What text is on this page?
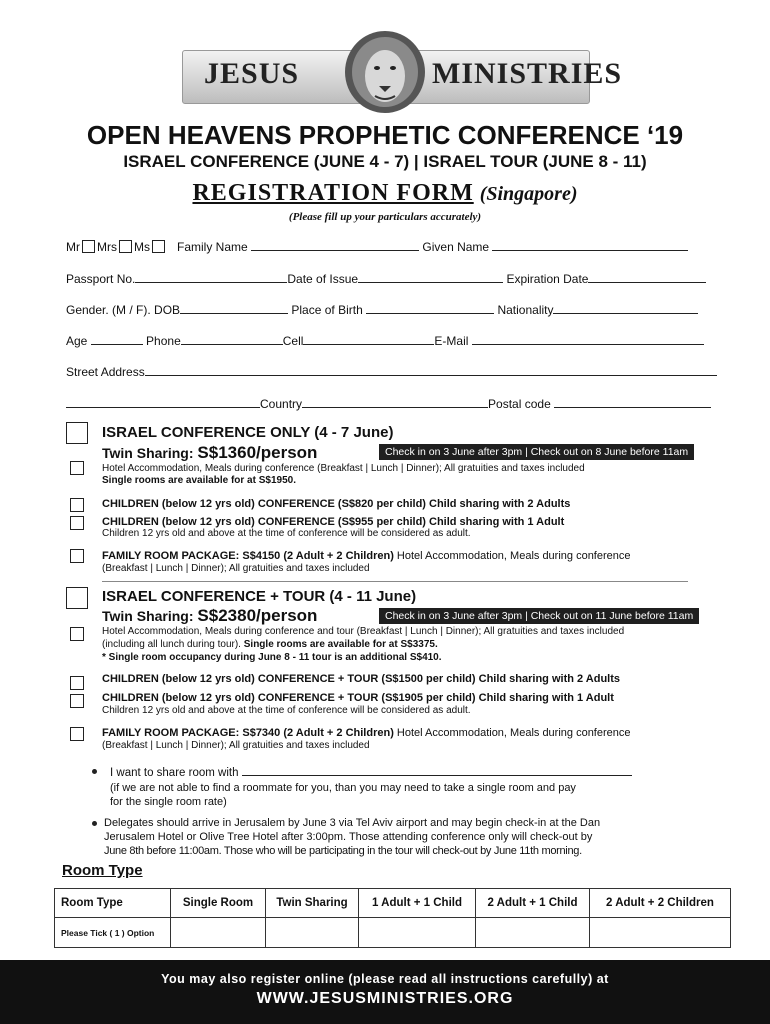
JESUS	MINISTRIES
OPEN HEAVENS PROPHETIC CONFERENCE ‘19
ISRAEL CONFERENCE (JUNE 4 - 7) | ISRAEL TOUR (JUNE 8 - 11)
REGISTRATION FORM (Singapore)
(Please fill up your particulars accurately)
Mr Mrs Ms Family Name	Given Name
Passport No.	Date of Issue	Expiration Date
Gender. (M / F). DOB	Place of Birth	Nationality
Age	Phone	Cell	E-Mail
Street Address
Country	Postal code
ISRAEL CONFERENCE ONLY (4 - 7 June)
Twin Sharing: S$1360/person	Check in on 3 June after 3pm | Check out on 8 June before 11am
Hotel Accommodation, Meals during conference (Breakfast | Lunch | Dinner); All gratuities and taxes included
Single rooms are available for at S$1950.
CHILDREN (below 12 yrs old) CONFERENCE (S$820 per child) Child sharing with 2 Adults
CHILDREN (below 12 yrs old) CONFERENCE (S$955 per child) Child sharing with 1 Adult
Children 12 yrs old and above at the time of conference will be considered as adult.
FAMILY ROOM PACKAGE: S$4150 (2 Adult + 2 Children) Hotel Accommodation, Meals during conference
(Breakfast | Lunch | Dinner); All gratuities and taxes included
ISRAEL CONFERENCE + TOUR (4 - 11 June)
Twin Sharing: S$2380/person	Check in on 3 June after 3pm | Check out on 11 June before 11am
Hotel Accommodation, Meals during conference and tour (Breakfast | Lunch | Dinner); All gratuities and taxes included
(including all lunch during tour). Single rooms are available for at S$3375.
* Single room occupancy during June 8 - 11 tour is an additional S$410.
CHILDREN (below 12 yrs old) CONFERENCE + TOUR (S$1500 per child) Child sharing with 2 Adults
CHILDREN (below 12 yrs old) CONFERENCE + TOUR (S$1905 per child) Child sharing with 1 Adult
Children 12 yrs old and above at the time of conference will be considered as adult.
FAMILY ROOM PACKAGE: S$7340 (2 Adult + 2 Children) Hotel Accommodation, Meals during conference
(Breakfast | Lunch | Dinner); All gratuities and taxes included
I want to share room with
(if we are not able to find a roommate for you, than you may need to take a single room and pay
for the single room rate)
Delegates should arrive in Jerusalem by June 3 via Tel Aviv airport and may begin check-in at the Dan
Jerusalem Hotel or Olive Tree Hotel after 3:00pm. Those attending conference only will check-out by
June 8th before 11:00am. Those who will be participating in the tour will check-out by June 11th morning.
Room Type
Room Type	Single Room	Twin Sharing	1 Adult + 1 Child	2 Adult + 1 Child	2 Adult + 2 Children
Please Tick ( 1 ) Option					
You may also register online (please read all instructions carefully) at
WWW.JESUSMINISTRIES.ORG
